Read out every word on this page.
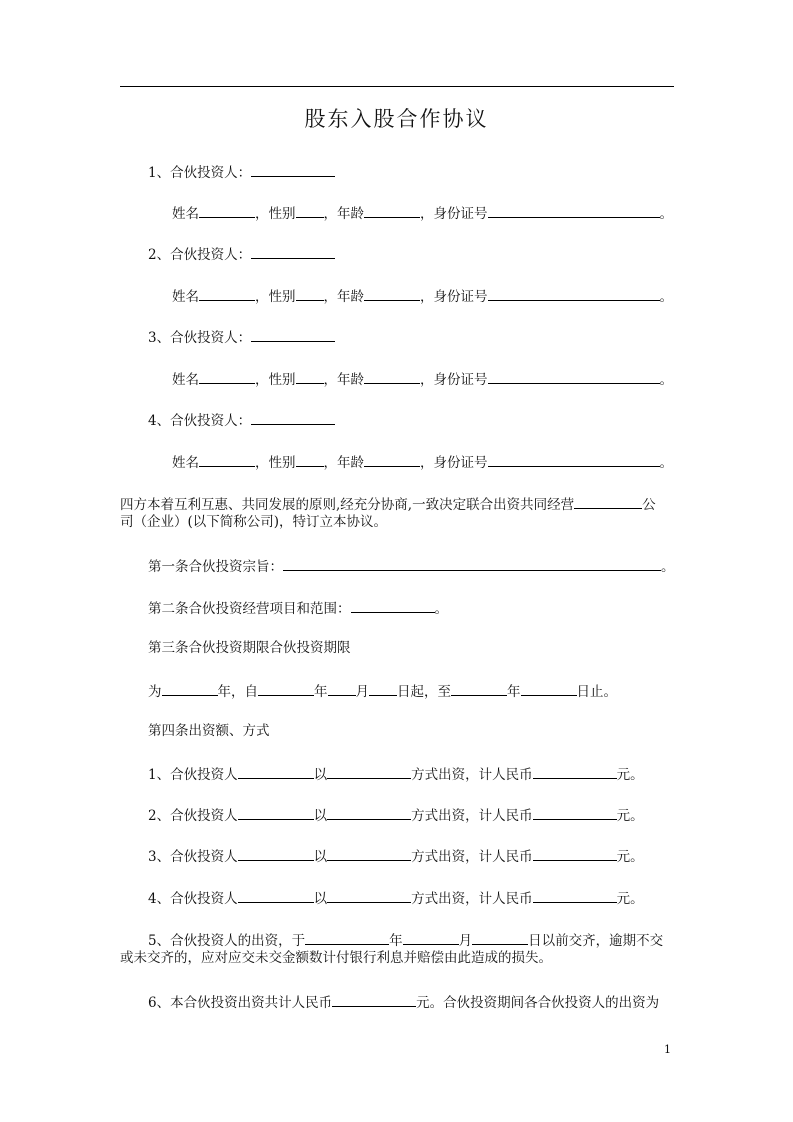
股东入股合作协议
1、合伙投资人：
姓名	，性别 ，年龄	，身份证号	。
2、合伙投资人：
姓名	，性别 ，年龄	，身份证号	。
3、合伙投资人：
姓名	，性别 ，年龄	，身份证号	。
4、合伙投资人：
姓名	，性别 ，年龄	，身份证号	。
四方本着互利互惠、共同发展的原则,经充分协商,一致决定联合出资共同经营	公
司（企业）(以下简称公司)，特订立本协议。
第一条合伙投资宗旨：	。
第二条合伙投资经营项目和范围：	。
第三条合伙投资期限合伙投资期限
为	年，自	年 月 日起，至	年	日止。
第四条出资额、方式
1、合伙投资人	以	方式出资，计人民币	元。
2、合伙投资人	以	方式出资，计人民币	元。
3、合伙投资人	以	方式出资，计人民币	元。
4、合伙投资人	以	方式出资，计人民币	元。
5、合伙投资人的出资，于	年	月	日以前交齐，逾期不交
或未交齐的，应对应交未交金额数计付银行利息并赔偿由此造成的损失。
6、本合伙投资出资共计人民币	元。合伙投资期间各合伙投资人的出资为
1
